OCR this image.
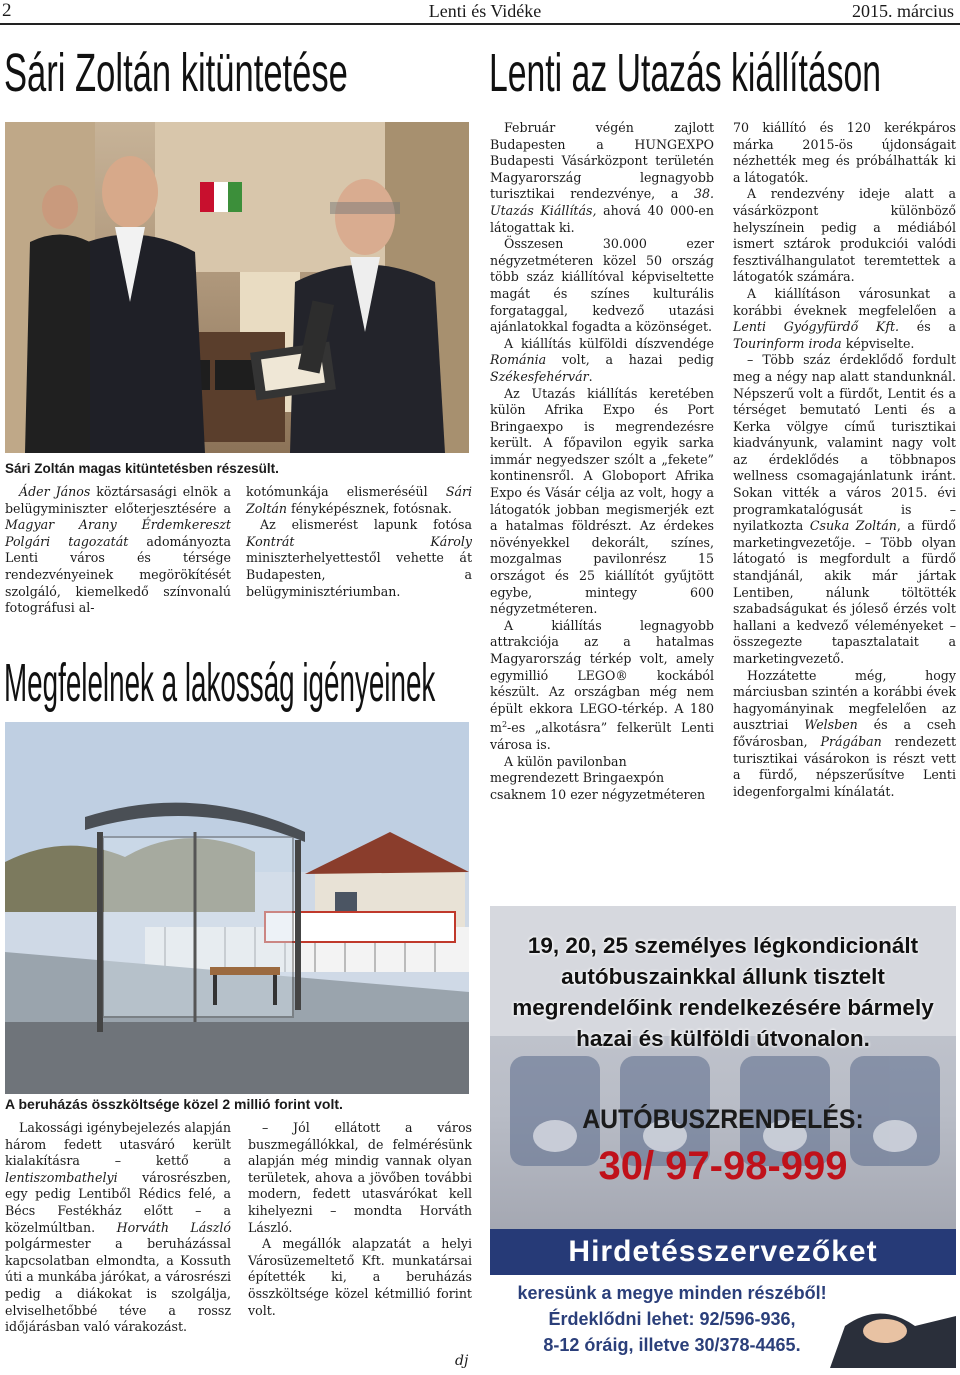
2	Lenti és Vidéke	2015. március
Sári Zoltán kitüntetése	Lenti az Utazás kiállításon
Sári Zoltán magas kitüntetésben részesült.

Áder János köztársasági elnök a belügyminiszter előterjesztésére a Magyar Arany Érdemkereszt Polgári tagozatát adományozta Lenti város és térsége rendezvényeinek megörökítését szolgáló, kiemelkedő színvonalú fotográfusi al-

kotómunkája elismeréséül Sári Zoltán fényképésznek, fotósnak.

Az elismerést lapunk fotósa Kontrát Károly miniszterhelyettestől vehette át Budapesten, a belügyminisztériumban.

Február végén zajlott Budapesten a HUNGEXPO Budapesti Vásárközpont területén Magyarország legnagyobb turisztikai rendezvénye, a 38. Utazás Kiállítás, ahová 40 000-en látogattak ki.

Összesen 30.000 ezer négyzetméteren közel 50 ország több száz kiállítóval képviseltette magát és színes kulturális forgataggal, kedvező utazási ajánlatokkal fogadta a közönséget.

A kiállítás külföldi díszvendége Románia volt, a hazai pedig Székesfehérvár.

Az Utazás kiállítás keretében külön Afrika Expo és Port Bringaexpo is megrendezésre került. A főpavilon egyik sarka immár negyedszer szólt a „fekete” kontinensről. A Globoport Afrika Expo és Vásár célja az volt, hogy a látogatók jobban megismerjék ezt a hatalmas földrészt. Az érdekes növényekkel dekorált, színes, mozgalmas pavilonrész 15 országot és 25 kiállítót gyűjtött egybe, mintegy 600 négyzetméteren.

A kiállítás legnagyobb attrakciója az a hatalmas Magyarország térkép volt, amely egymillió LEGO® kockából készült. Az országban még nem épült ekkora LEGO-térkép. A 180 $m^2-es$ „alkotásra” felkerült Lenti városa is.

A külön pavilonban megrendezett Bringaexpón csaknem 10 ezer négyzetméteren

70 kiállító és 120 kerékpáros márka 2015-ös újdonságait nézhették meg és próbálhatták ki a látogatók.

A rendezvény ideje alatt a vásárközpont különböző helyszínein pedig a médiából ismert sztárok produkciói valódi fesztiválhangulatot teremtettek a látogatók számára.

A kiállításon városunkat a korábbi éveknek megfelelően a Lenti Gyógyfürdő Kft. és a Tourinform iroda képviselte.

– Több száz érdeklődő fordult meg a négy nap alatt standunknál. Népszerű volt a fürdőt, Lentit és a térséget bemutató Lenti és a Kerka völgye című turisztikai kiadványunk, valamint nagy volt az érdeklődés a többnapos wellness csomagajánlatunk iránt. Sokan vitték a város 2015. évi programkatalógusát is – nyilatkozta Csuka Zoltán, a fürdő marketingvezetője. – Több olyan látogató is megfordult a fürdő standjánál, akik már jártak Lentiben, nálunk töltötték szabadságukat és jóleső érzés volt hallani a kedvező véleményeket – összegezte tapasztalatait a marketingvezető.

Hozzátette még, hogy márciusban szintén a korábbi évek hagyományinak megfelelően az ausztriai Welsben és a cseh fővárosban, Prágában rendezett turisztikai vásárokon is részt vett a fürdő, népszerűsítve Lenti idegenforgalmi kínálatát.

Megfelelnek a lakosság igényeinek
A beruházás összköltsége közel 2 millió forint volt.

Lakossági igénybejelezés alapján három fedett utasváró került kialakításra – kettő a lentiszombathelyi városrészben, egy pedig Lentiből Rédics felé, a Bécs Festékház előtt – a közelmúltban. Horváth László polgármester a beruházással kapcsolatban elmondta, a Kossuth úti a munkába járókat, a városrészi pedig a diákokat is szolgálja, elviselhetőbbé téve a rossz időjárásban való várakozást.

– Jól ellátott a város buszmegállókkal, de felmérésünk alapján még mindig vannak olyan területek, ahova a jövőben további modern, fedett utasvárókat kell kihelyezni – mondta Horváth László.

A megállók alapzatát a helyi Városüzemeltető Kft. munkatársai építették ki, a beruházás összköltsége közel kétmillió forint volt.

dj
19, 20, 25 személyes légkondicionált
autóbuszainkkal állunk tisztelt
megrendelőink rendelkezésére bármely
hazai és külföldi útvonalon.
AUTÓBUSZRENDELÉS:
30/ 97-98-999
Hirdetésszervezőket
keresünk a megye minden részéből!
Érdeklődni lehet: 92/596-936,
8-12 óráig, illetve 30/378-4465.
